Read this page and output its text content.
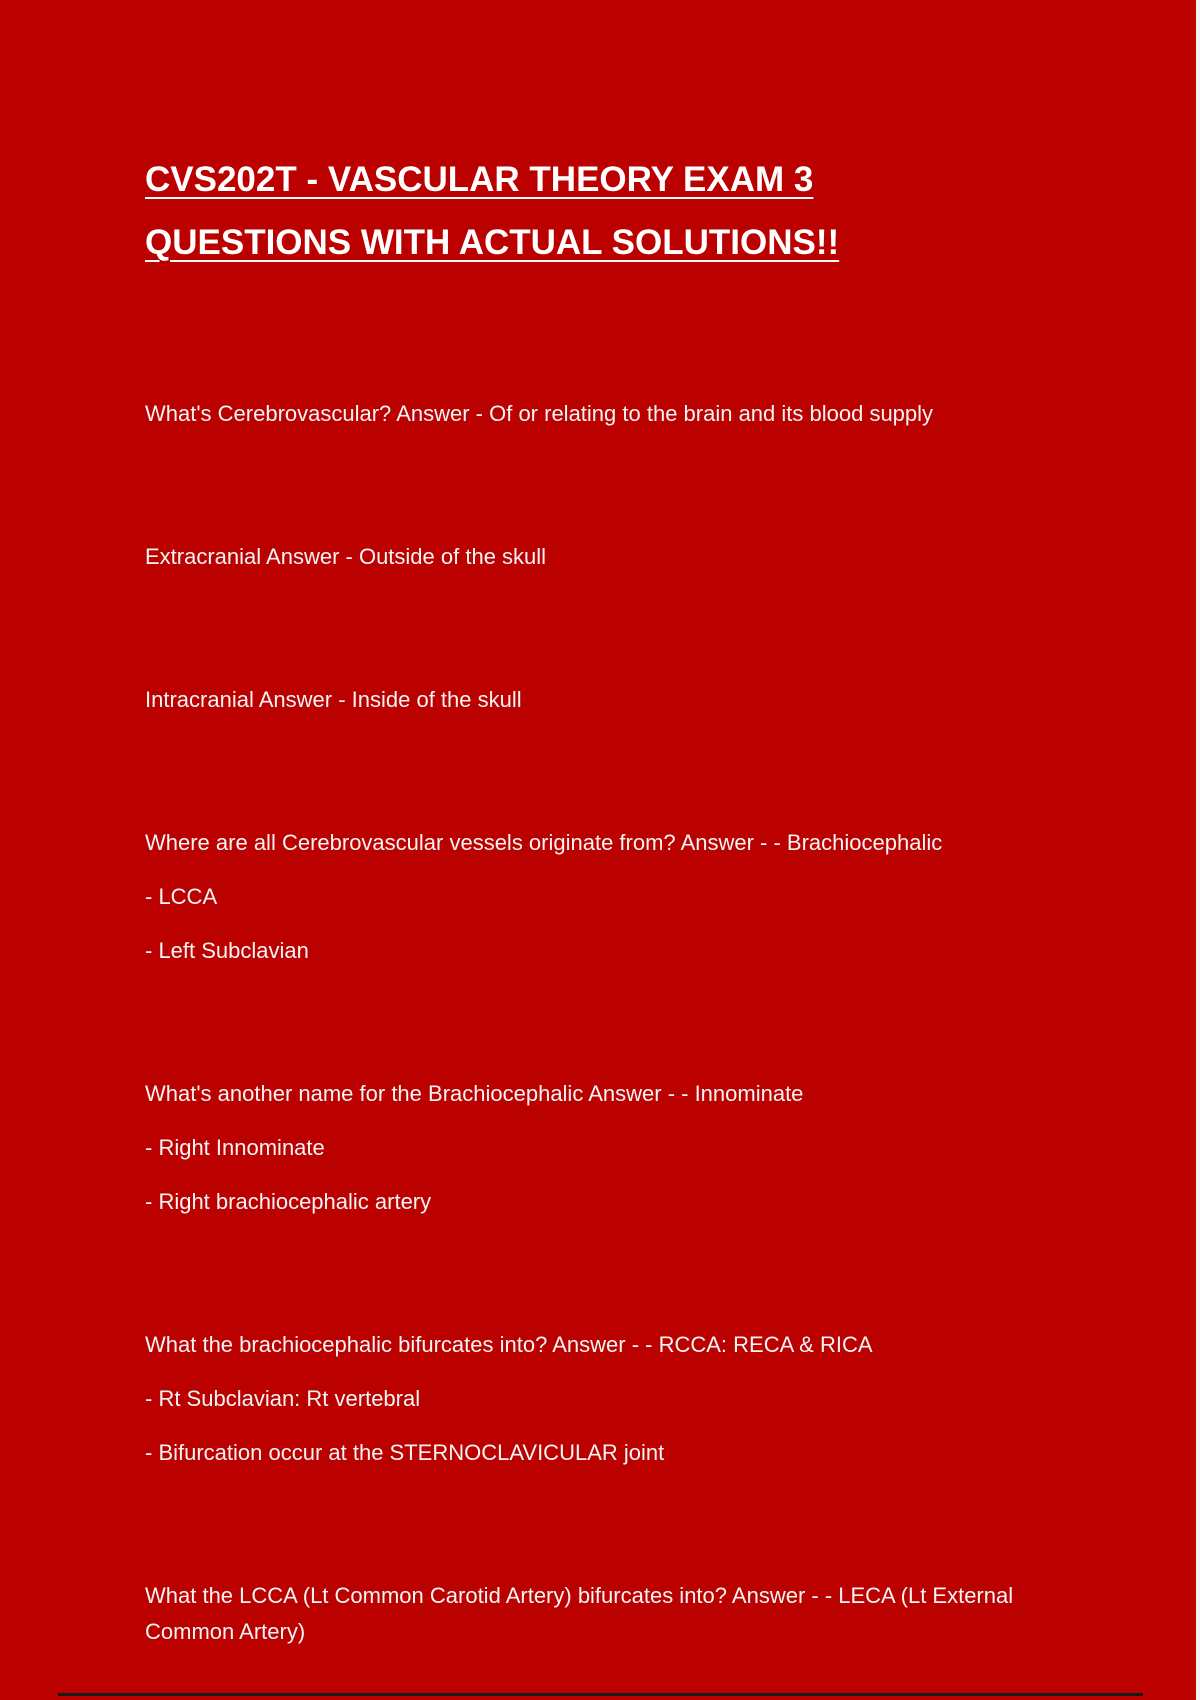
CVS202T - VASCULAR THEORY EXAM 3
QUESTIONS WITH ACTUAL SOLUTIONS!!

What's Cerebrovascular? Answer - Of or relating to the brain and its blood supply

Extracranial Answer - Outside of the skull

Intracranial Answer - Inside of the skull

Where are all Cerebrovascular vessels originate from? Answer - - Brachiocephalic

- LCCA

- Left Subclavian

What's another name for the Brachiocephalic Answer - - Innominate

- Right Innominate

- Right brachiocephalic artery

What the brachiocephalic bifurcates into? Answer - - RCCA: RECA & RICA

- Rt Subclavian: Rt vertebral

- Bifurcation occur at the STERNOCLAVICULAR joint

What the LCCA (Lt Common Carotid Artery) bifurcates into? Answer - - LECA (Lt External Common Artery)
